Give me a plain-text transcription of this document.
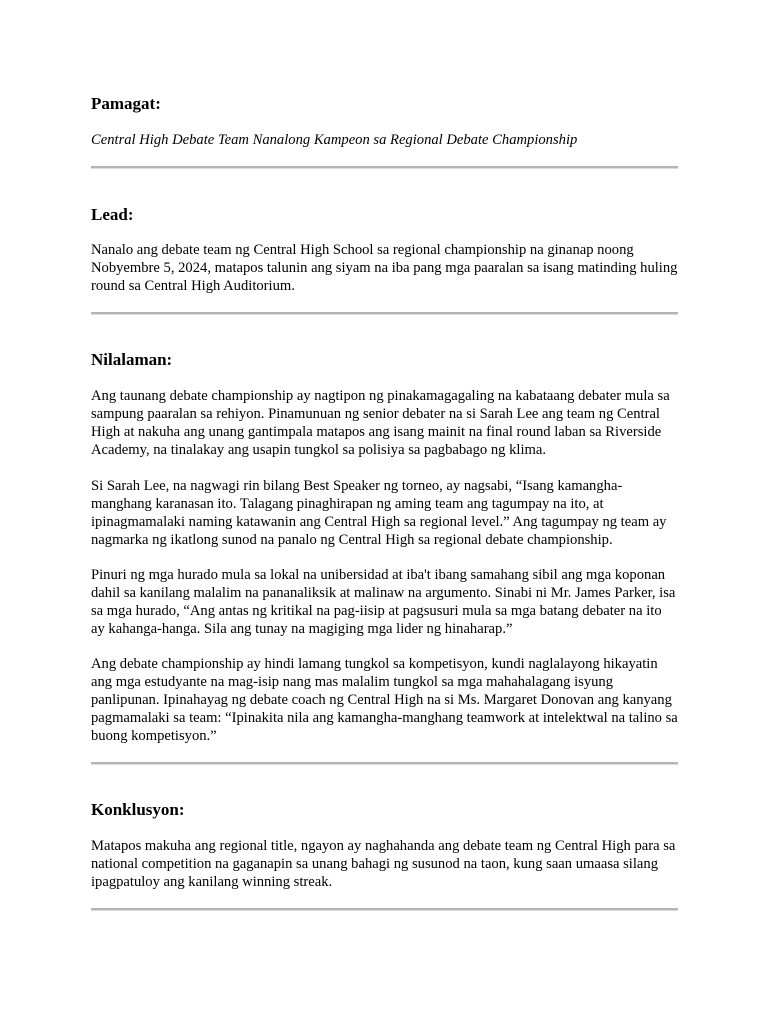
Pamagat:

Central High Debate Team Nanalong Kampeon sa Regional Debate Championship

Lead:

Nanalo ang debate team ng Central High School sa regional championship na ginanap noong Nobyembre 5, 2024, matapos talunin ang siyam na iba pang mga paaralan sa isang matinding huling round sa Central High Auditorium.

Nilalaman:

Ang taunang debate championship ay nagtipon ng pinakamagagaling na kabataang debater mula sa sampung paaralan sa rehiyon. Pinamunuan ng senior debater na si Sarah Lee ang team ng Central High at nakuha ang unang gantimpala matapos ang isang mainit na final round laban sa Riverside Academy, na tinalakay ang usapin tungkol sa polisiya sa pagbabago ng klima.

Si Sarah Lee, na nagwagi rin bilang Best Speaker ng torneo, ay nagsabi, “Isang kamangha-manghang karanasan ito. Talagang pinaghirapan ng aming team ang tagumpay na ito, at ipinagmamalaki naming katawanin ang Central High sa regional level.” Ang tagumpay ng team ay nagmarka ng ikatlong sunod na panalo ng Central High sa regional debate championship.

Pinuri ng mga hurado mula sa lokal na unibersidad at iba't ibang samahang sibil ang mga koponan dahil sa kanilang malalim na pananaliksik at malinaw na argumento. Sinabi ni Mr. James Parker, isa sa mga hurado, “Ang antas ng kritikal na pag-iisip at pagsusuri mula sa mga batang debater na ito ay kahanga-hanga. Sila ang tunay na magiging mga lider ng hinaharap.”

Ang debate championship ay hindi lamang tungkol sa kompetisyon, kundi naglalayong hikayatin ang mga estudyante na mag-isip nang mas malalim tungkol sa mga mahahalagang isyung panlipunan. Ipinahayag ng debate coach ng Central High na si Ms. Margaret Donovan ang kanyang pagmamalaki sa team: “Ipinakita nila ang kamangha-manghang teamwork at intelektwal na talino sa buong kompetisyon.”

Konklusyon:

Matapos makuha ang regional title, ngayon ay naghahanda ang debate team ng Central High para sa national competition na gaganapin sa unang bahagi ng susunod na taon, kung saan umaasa silang ipagpatuloy ang kanilang winning streak.
